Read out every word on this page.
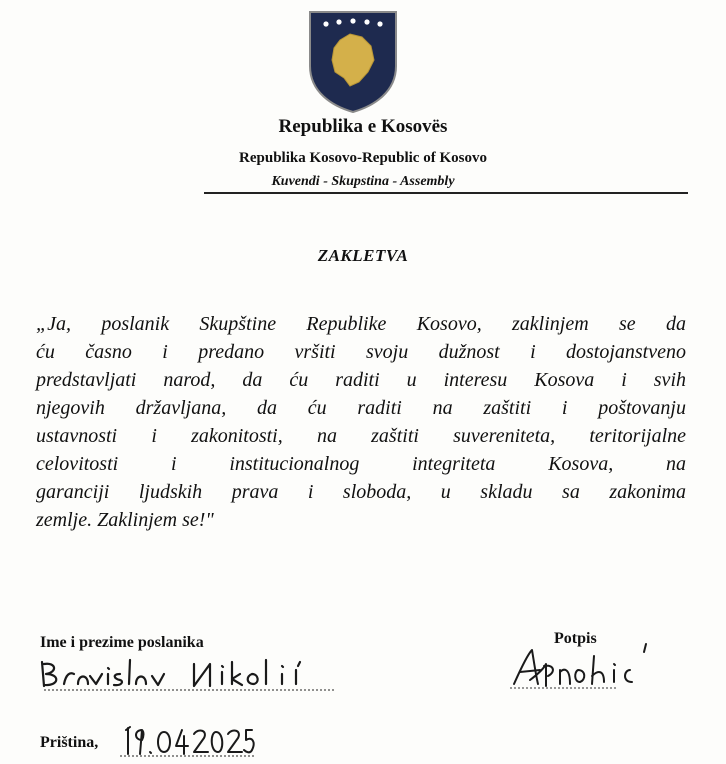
Republika e Kosovës
Republika Kosovo-Republic of Kosovo
Kuvendi - Skupstina - Assembly
ZAKLETVA
„Ja, poslanik Skupštine Republike Kosovo, zaklinjem se da
ću časno i predano vršiti svoju dužnost i dostojanstveno
predstavljati narod, da ću raditi u interesu Kosova i svih
njegovih državljana, da ću raditi na zaštiti i poštovanju
ustavnosti i zakonitosti, na zaštiti suvereniteta, teritorijalne
celovitosti i institucionalnog integriteta Kosova, na
garanciji ljudskih prava i sloboda, u skladu sa zakonima
zemlje. Zaklinjem se!"
Ime i prezime poslanika	Potpis
Priština,
